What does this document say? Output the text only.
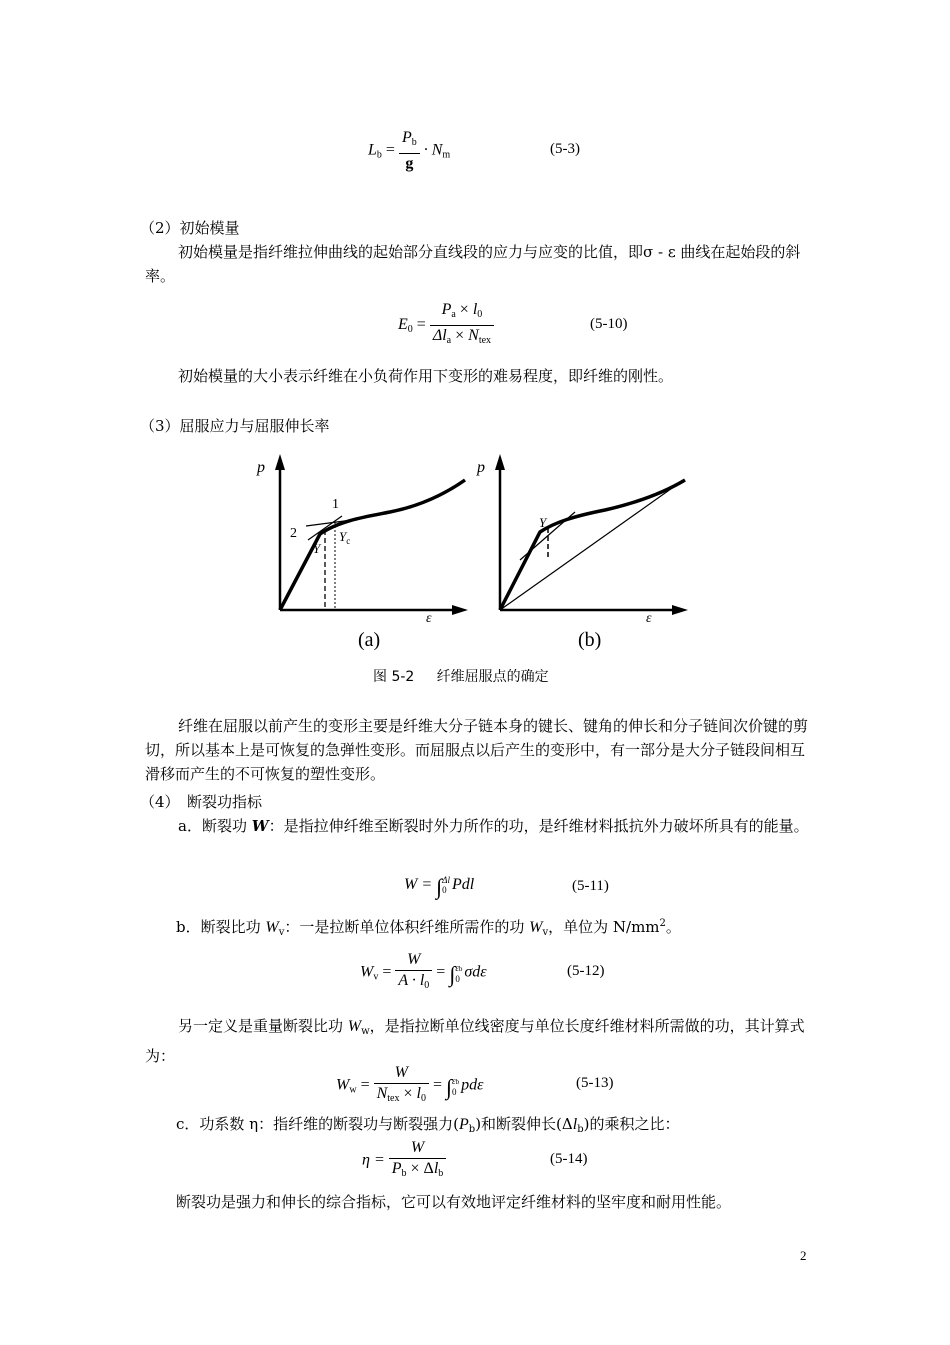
$L_b = \frac{P_b}{g} \cdot N_m$	(5-3)
（2）初始模量
初始模量是指纤维拉伸曲线的起始部分直线段的应力与应变的比值，即σ - ε 曲线在起始段的斜率。
$E_0 = \frac{P_a \times l_0}{\Delta l_a \times N_{tex}}$	(5-10)
初始模量的大小表示纤维在小负荷作用下变形的难易程度，即纤维的刚性。
（3）屈服应力与屈服伸长率
p
ε
1
2
Y
$Y_c$
(a)
p
ε
Y
(b)
图 5-2 纤维屈服点的确定
纤维在屈服以前产生的变形主要是纤维大分子链本身的键长、键角的伸长和分子链间次价键的剪切，所以基本上是可恢复的急弹性变形。而屈服点以后产生的变形中，有一部分是大分子链段间相互滑移而产生的不可恢复的塑性变形。
（4）　断裂功指标
a．断裂功 W：是指拉伸纤维至断裂时外力所作的功，是纤维材料抵抗外力破坏所具有的能量。
W = ∫Δl
0 Pdl	(5-11)
b．断裂比功 $W_v$：一是拉断单位体积纤维所需作的功 $W_v$，单位为 $N/mm^2$。
$W_v = \frac{W}{A \cdot l_0} = \int\varepsilon b$
0 σdε	(5-12)
另一定义是重量断裂比功 $W_w$，是指拉断单位线密度与单位长度纤维材料所需做的功，其计算式为：
$W_w = \frac{W}{N_{tex} \times l_0} = \int\varepsilon b$
0 pdε	(5-13)
c．功系数 η：指纤维的断裂功与断裂强力$(P_b)$和断裂伸长$(\Delta l_b)$的乘积之比：
$\eta = \frac{W}{P_b \times \Delta l_b}$	(5-14)
断裂功是强力和伸长的综合指标，它可以有效地评定纤维材料的坚牢度和耐用性能。
2
